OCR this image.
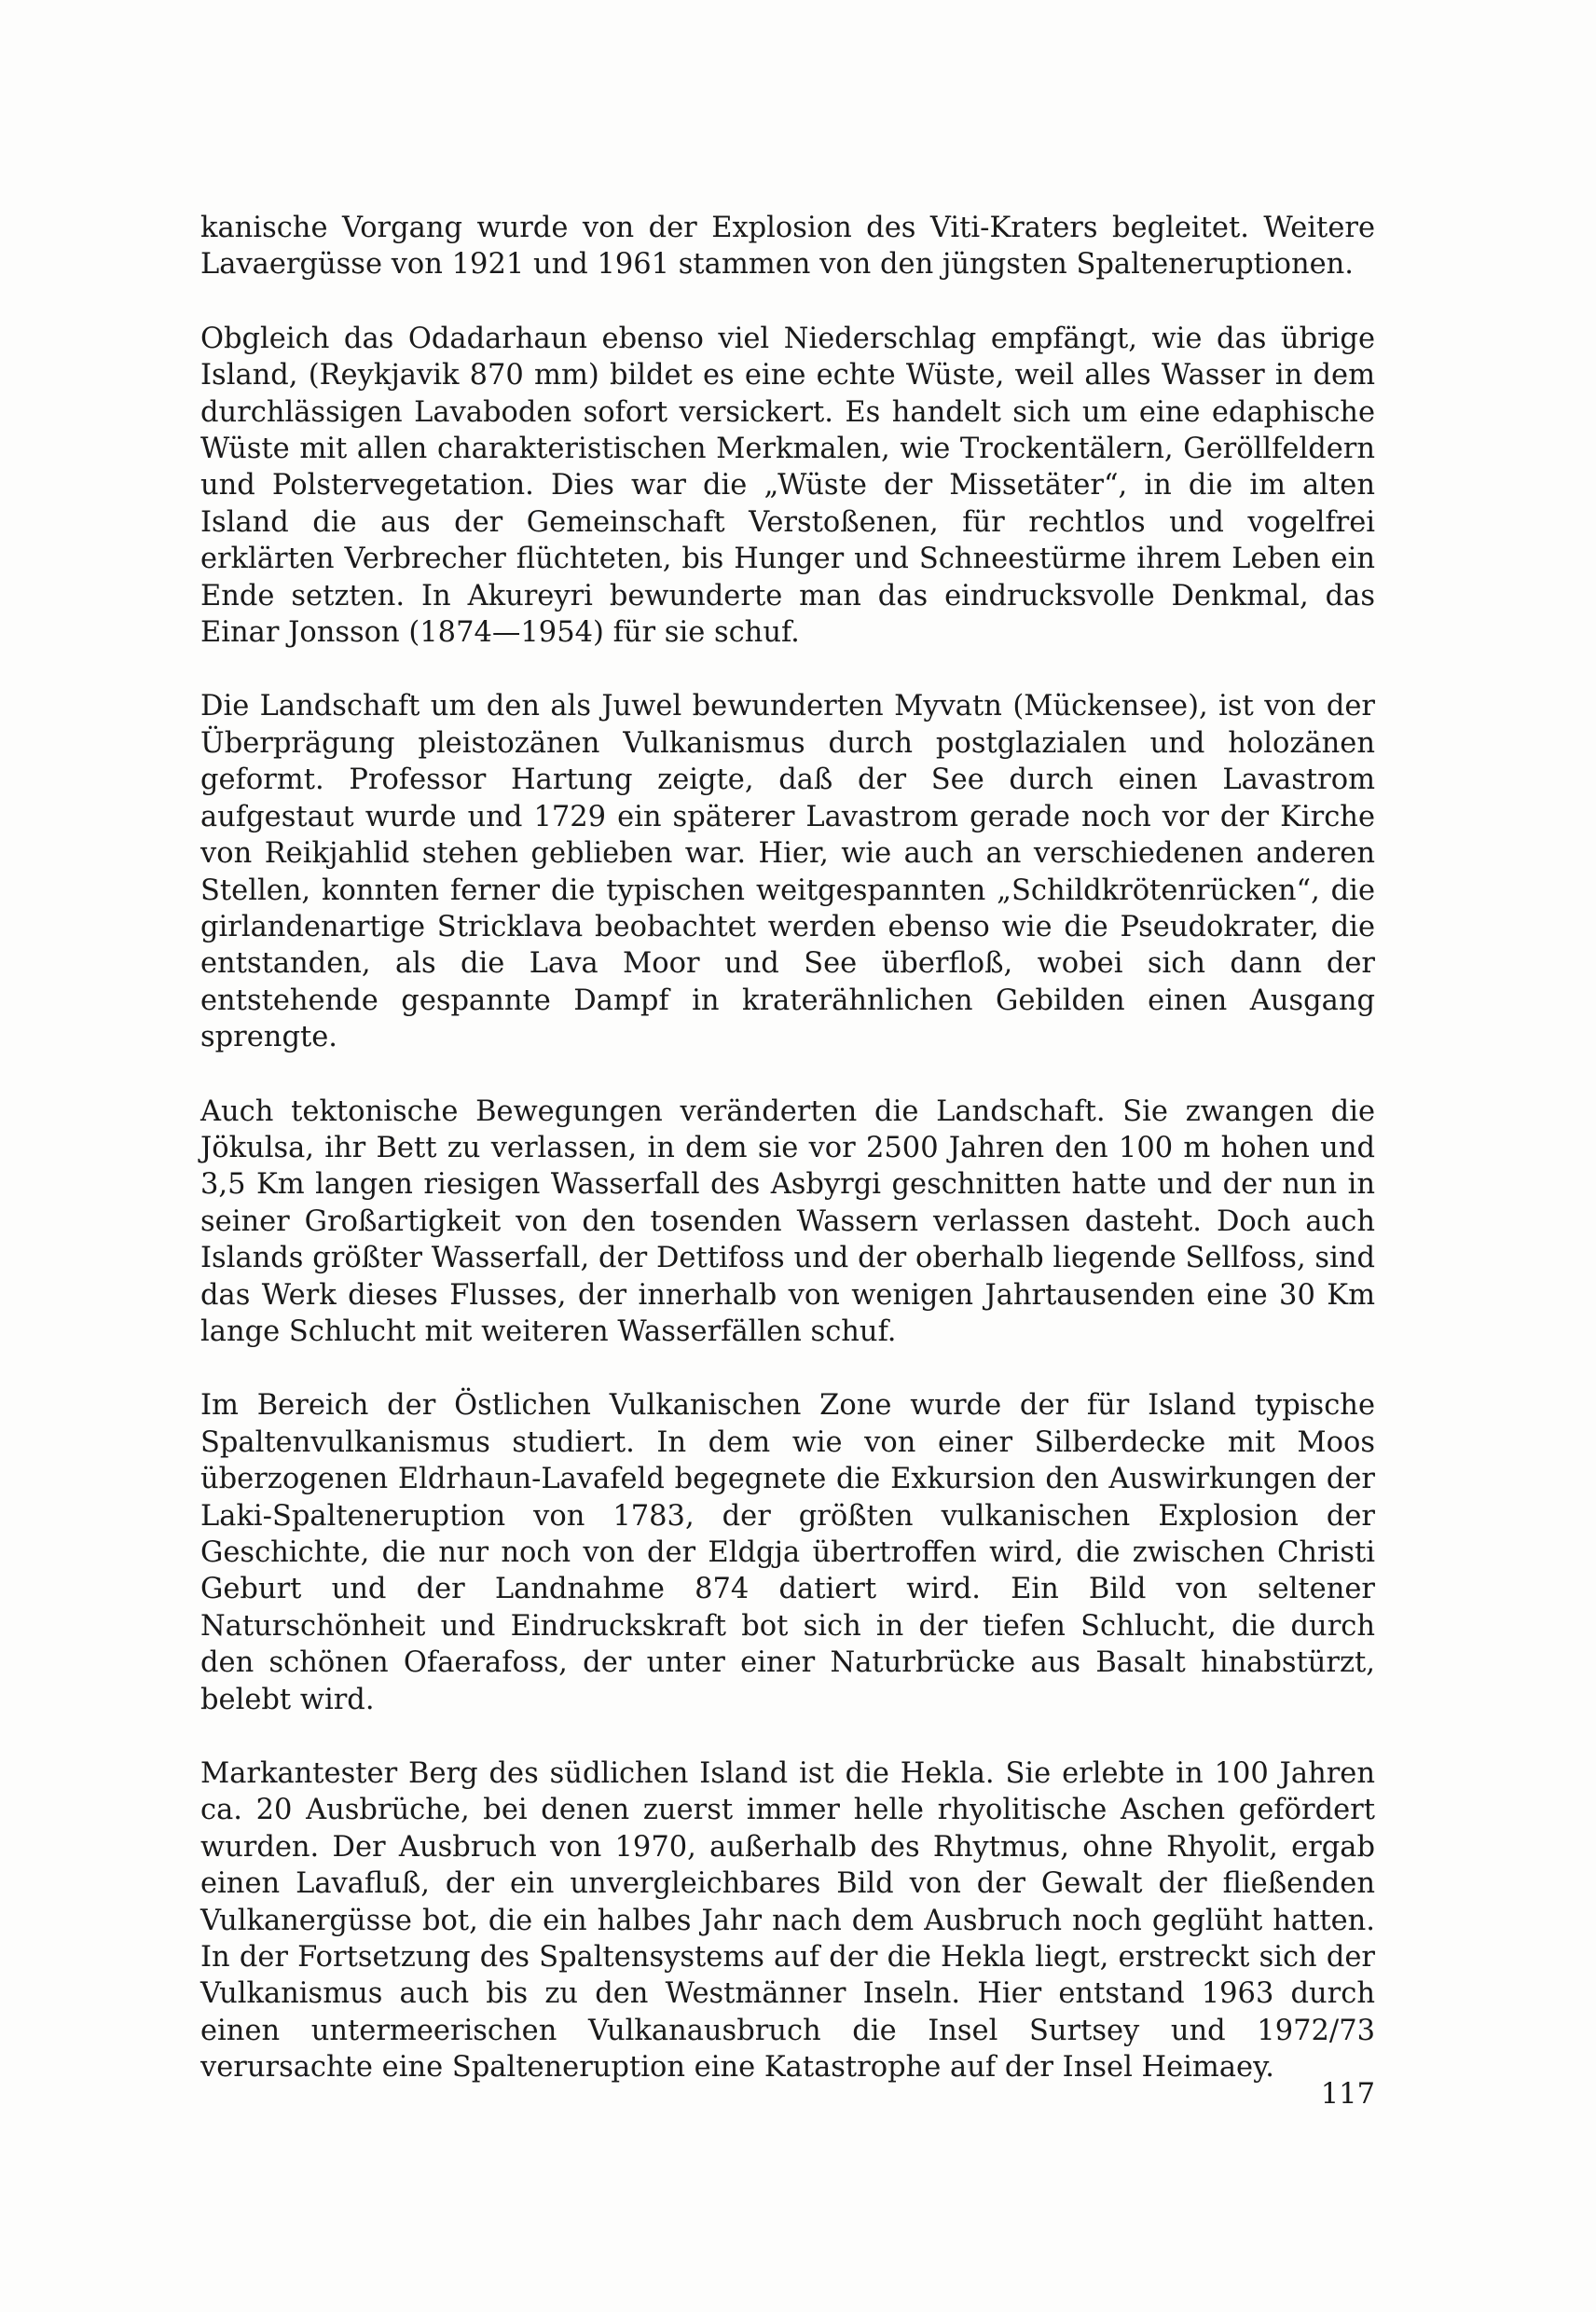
kanische Vorgang wurde von der Explosion des Viti-Kraters begleitet. Weitere Lavaergüsse von 1921 und 1961 stammen von den jüngsten Spalteneruptionen.

Obgleich das Odadarhaun ebenso viel Niederschlag empfängt, wie das übrige Island, (Reykjavik 870 mm) bildet es eine echte Wüste, weil alles Wasser in dem durchlässigen Lavaboden sofort versickert. Es handelt sich um eine edaphische Wüste mit allen charakteristischen Merkmalen, wie Trockentälern, Geröllfeldern und Polstervegetation. Dies war die „Wüste der Missetäter“, in die im alten Island die aus der Gemeinschaft Verstoßenen, für rechtlos und vogelfrei erklärten Verbrecher flüchteten, bis Hunger und Schneestürme ihrem Leben ein Ende setzten. In Akureyri bewunderte man das eindrucksvolle Denkmal, das Einar Jonsson (1874—1954) für sie schuf.

Die Landschaft um den als Juwel bewunderten Myvatn (Mückensee), ist von der Überprägung pleistozänen Vulkanismus durch postglazialen und holozänen geformt. Professor Hartung zeigte, daß der See durch einen Lavastrom aufgestaut wurde und 1729 ein späterer Lavastrom gerade noch vor der Kirche von Reikjahlid stehen geblieben war. Hier, wie auch an verschiedenen anderen Stellen, konnten ferner die typischen weitgespannten „Schildkrötenrücken“, die girlandenartige Stricklava beobachtet werden ebenso wie die Pseudokrater, die entstanden, als die Lava Moor und See überfloß, wobei sich dann der entstehende gespannte Dampf in kraterähnlichen Gebilden einen Ausgang sprengte.

Auch tektonische Bewegungen veränderten die Landschaft. Sie zwangen die Jökulsa, ihr Bett zu verlassen, in dem sie vor 2500 Jahren den 100 m hohen und 3,5 Km langen riesigen Wasserfall des Asbyrgi geschnitten hatte und der nun in seiner Großartigkeit von den tosenden Wassern verlassen dasteht. Doch auch Islands größter Wasserfall, der Dettifoss und der oberhalb liegende Sellfoss, sind das Werk dieses Flusses, der innerhalb von wenigen Jahrtausenden eine 30 Km lange Schlucht mit weiteren Wasserfällen schuf.

Im Bereich der Östlichen Vulkanischen Zone wurde der für Island typische Spaltenvulkanismus studiert. In dem wie von einer Silberdecke mit Moos überzogenen Eldrhaun-Lavafeld begegnete die Exkursion den Auswirkungen der Laki-Spalteneruption von 1783, der größten vulkanischen Explosion der Geschichte, die nur noch von der Eldgja übertroffen wird, die zwischen Christi Geburt und der Landnahme 874 datiert wird. Ein Bild von seltener Naturschönheit und Eindruckskraft bot sich in der tiefen Schlucht, die durch den schönen Ofaerafoss, der unter einer Naturbrücke aus Basalt hinabstürzt, belebt wird.

Markantester Berg des südlichen Island ist die Hekla. Sie erlebte in 100 Jahren ca. 20 Ausbrüche, bei denen zuerst immer helle rhyolitische Aschen gefördert wurden. Der Ausbruch von 1970, außerhalb des Rhytmus, ohne Rhyolit, ergab einen Lavafluß, der ein unvergleichbares Bild von der Gewalt der fließenden Vulkanergüsse bot, die ein halbes Jahr nach dem Ausbruch noch geglüht hatten. In der Fortsetzung des Spaltensystems auf der die Hekla liegt, erstreckt sich der Vulkanismus auch bis zu den Westmänner Inseln. Hier entstand 1963 durch einen untermeerischen Vulkanausbruch die Insel Surtsey und 1972/73 verursachte eine Spalteneruption eine Katastrophe auf der Insel Heimaey.

117
